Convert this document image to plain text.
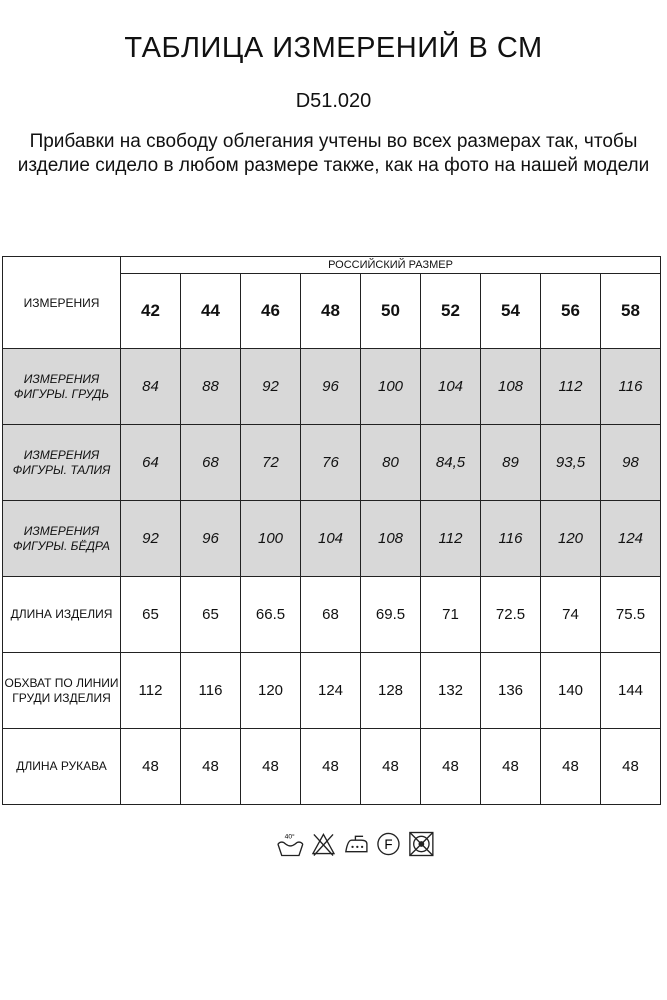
ТАБЛИЦА ИЗМЕРЕНИЙ В СМ
D51.020
Прибавки на свободу облегания учтены во всех размерах так, чтобы изделие сидело в любом размере также, как на фото на нашей модели
ИЗМЕРЕНИЯ	РОССИЙСКИЙ РАЗМЕР								
	42	44	46	48	50	52	54	56	58
ИЗМЕРЕНИЯ ФИГУРЫ. ГРУДЬ	84	88	92	96	100	104	108	112	116
ИЗМЕРЕНИЯ ФИГУРЫ. ТАЛИЯ	64	68	72	76	80	84,5	89	93,5	98
ИЗМЕРЕНИЯ ФИГУРЫ. БЁДРА	92	96	100	104	108	112	116	120	124
ДЛИНА ИЗДЕЛИЯ	65	65	66.5	68	69.5	71	72.5	74	75.5
ОБХВАТ ПО ЛИНИИ ГРУДИ ИЗДЕЛИЯ	112	116	120	124	128	132	136	140	144
ДЛИНА РУКАВА	48	48	48	48	48	48	48	48	48
40°
F
